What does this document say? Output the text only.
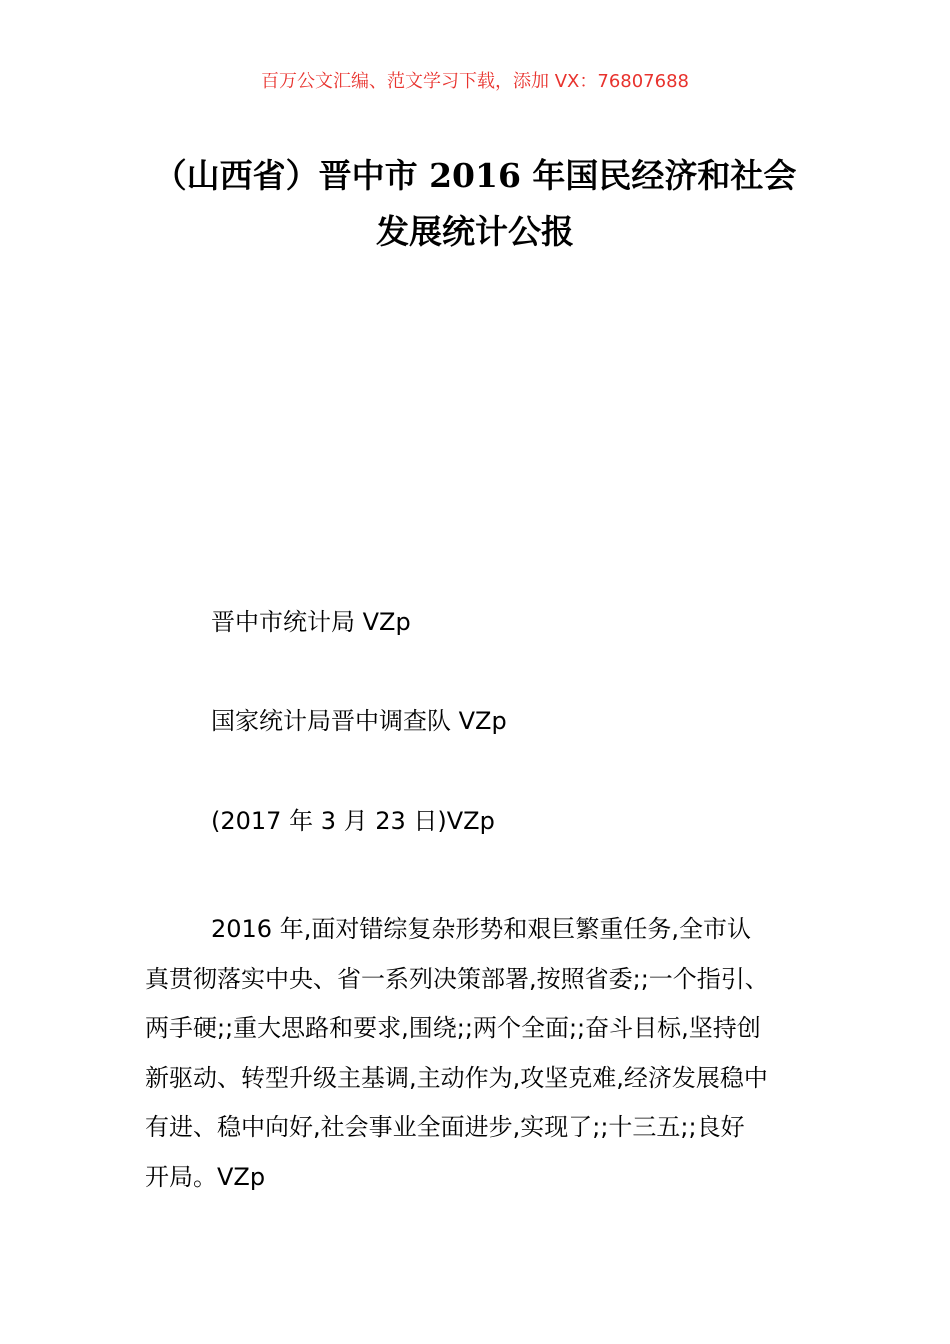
百万公文汇编、范文学习下载，添加 VX：76807688
（山西省）晋中市 2016 年国民经济和社会
发展统计公报
晋中市统计局 VZp
国家统计局晋中调查队 VZp
(2017 年 3 月 23 日)VZp
2016 年,面对错综复杂形势和艰巨繁重任务,全市认
真贯彻落实中央、省一系列决策部署,按照省委;;一个指引、
两手硬;;重大思路和要求,围绕;;两个全面;;奋斗目标,坚持创
新驱动、转型升级主基调,主动作为,攻坚克难,经济发展稳中
有进、稳中向好,社会事业全面进步,实现了;;十三五;;良好
开局。VZp
